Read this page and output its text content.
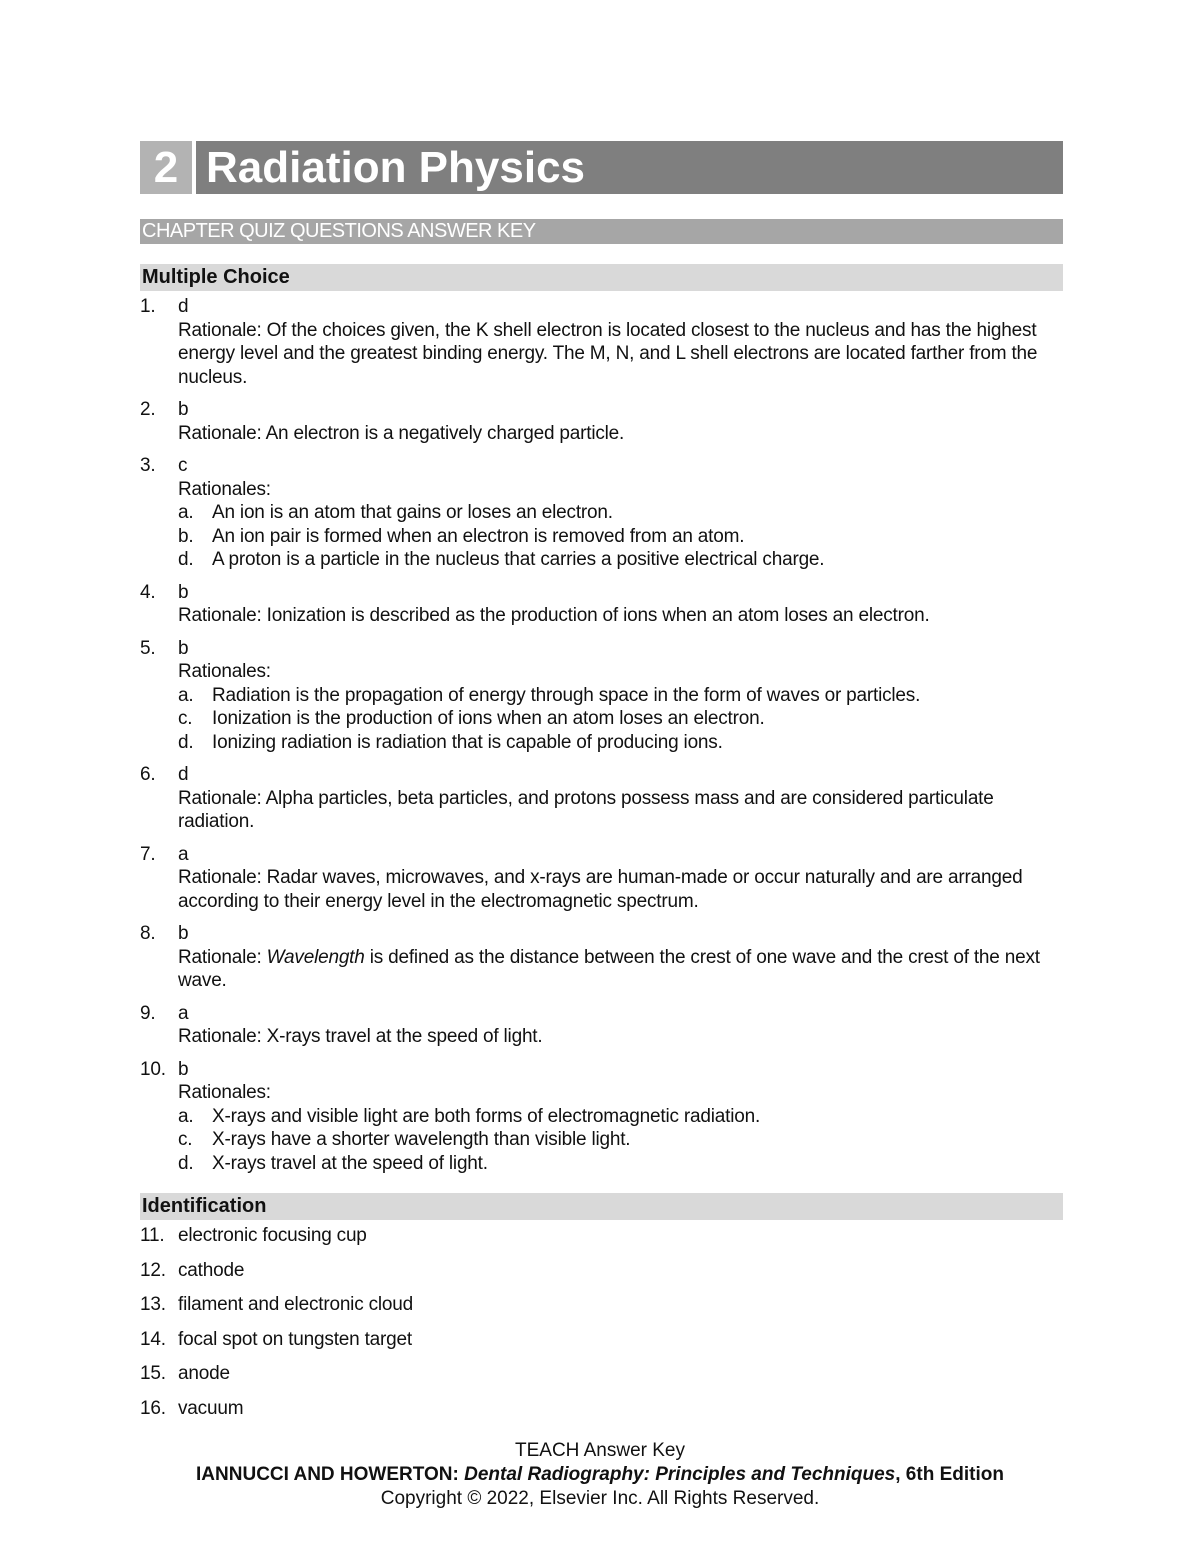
2 Radiation Physics
CHAPTER QUIZ QUESTIONS ANSWER KEY
Multiple Choice
1.	d
Rationale: Of the choices given, the K shell electron is located closest to the nucleus and has the highest energy level and the greatest binding energy. The M, N, and L shell electrons are located farther from the nucleus.
2.	b
Rationale: An electron is a negatively charged particle.
3.	c
Rationales:
a. An ion is an atom that gains or loses an electron.
b. An ion pair is formed when an electron is removed from an atom.
d. A proton is a particle in the nucleus that carries a positive electrical charge.
4.	b
Rationale: Ionization is described as the production of ions when an atom loses an electron.
5.	b
Rationales:
a. Radiation is the propagation of energy through space in the form of waves or particles.
c.	Ionization is the production of ions when an atom loses an electron.
d. Ionizing radiation is radiation that is capable of producing ions.
6.	d
Rationale: Alpha particles, beta particles, and protons possess mass and are considered particulate radiation.
7.	a
Rationale: Radar waves, microwaves, and x-rays are human-made or occur naturally and are arranged according to their energy level in the electromagnetic spectrum.
8.	b
Rationale: Wavelength is defined as the distance between the crest of one wave and the crest of the next wave.
9.	a
Rationale: X-rays travel at the speed of light.
10. b
Rationales:
a. X-rays and visible light are both forms of electromagnetic radiation.
c.	X-rays have a shorter wavelength than visible light.
d. X-rays travel at the speed of light.
Identification
11. electronic focusing cup
12. cathode
13. filament and electronic cloud
14. focal spot on tungsten target
15. anode
16. vacuum
TEACH Answer Key
IANNUCCI AND HOWERTON: Dental Radiography: Principles and Techniques, 6th Edition
Copyright © 2022, Elsevier Inc. All Rights Reserved.
